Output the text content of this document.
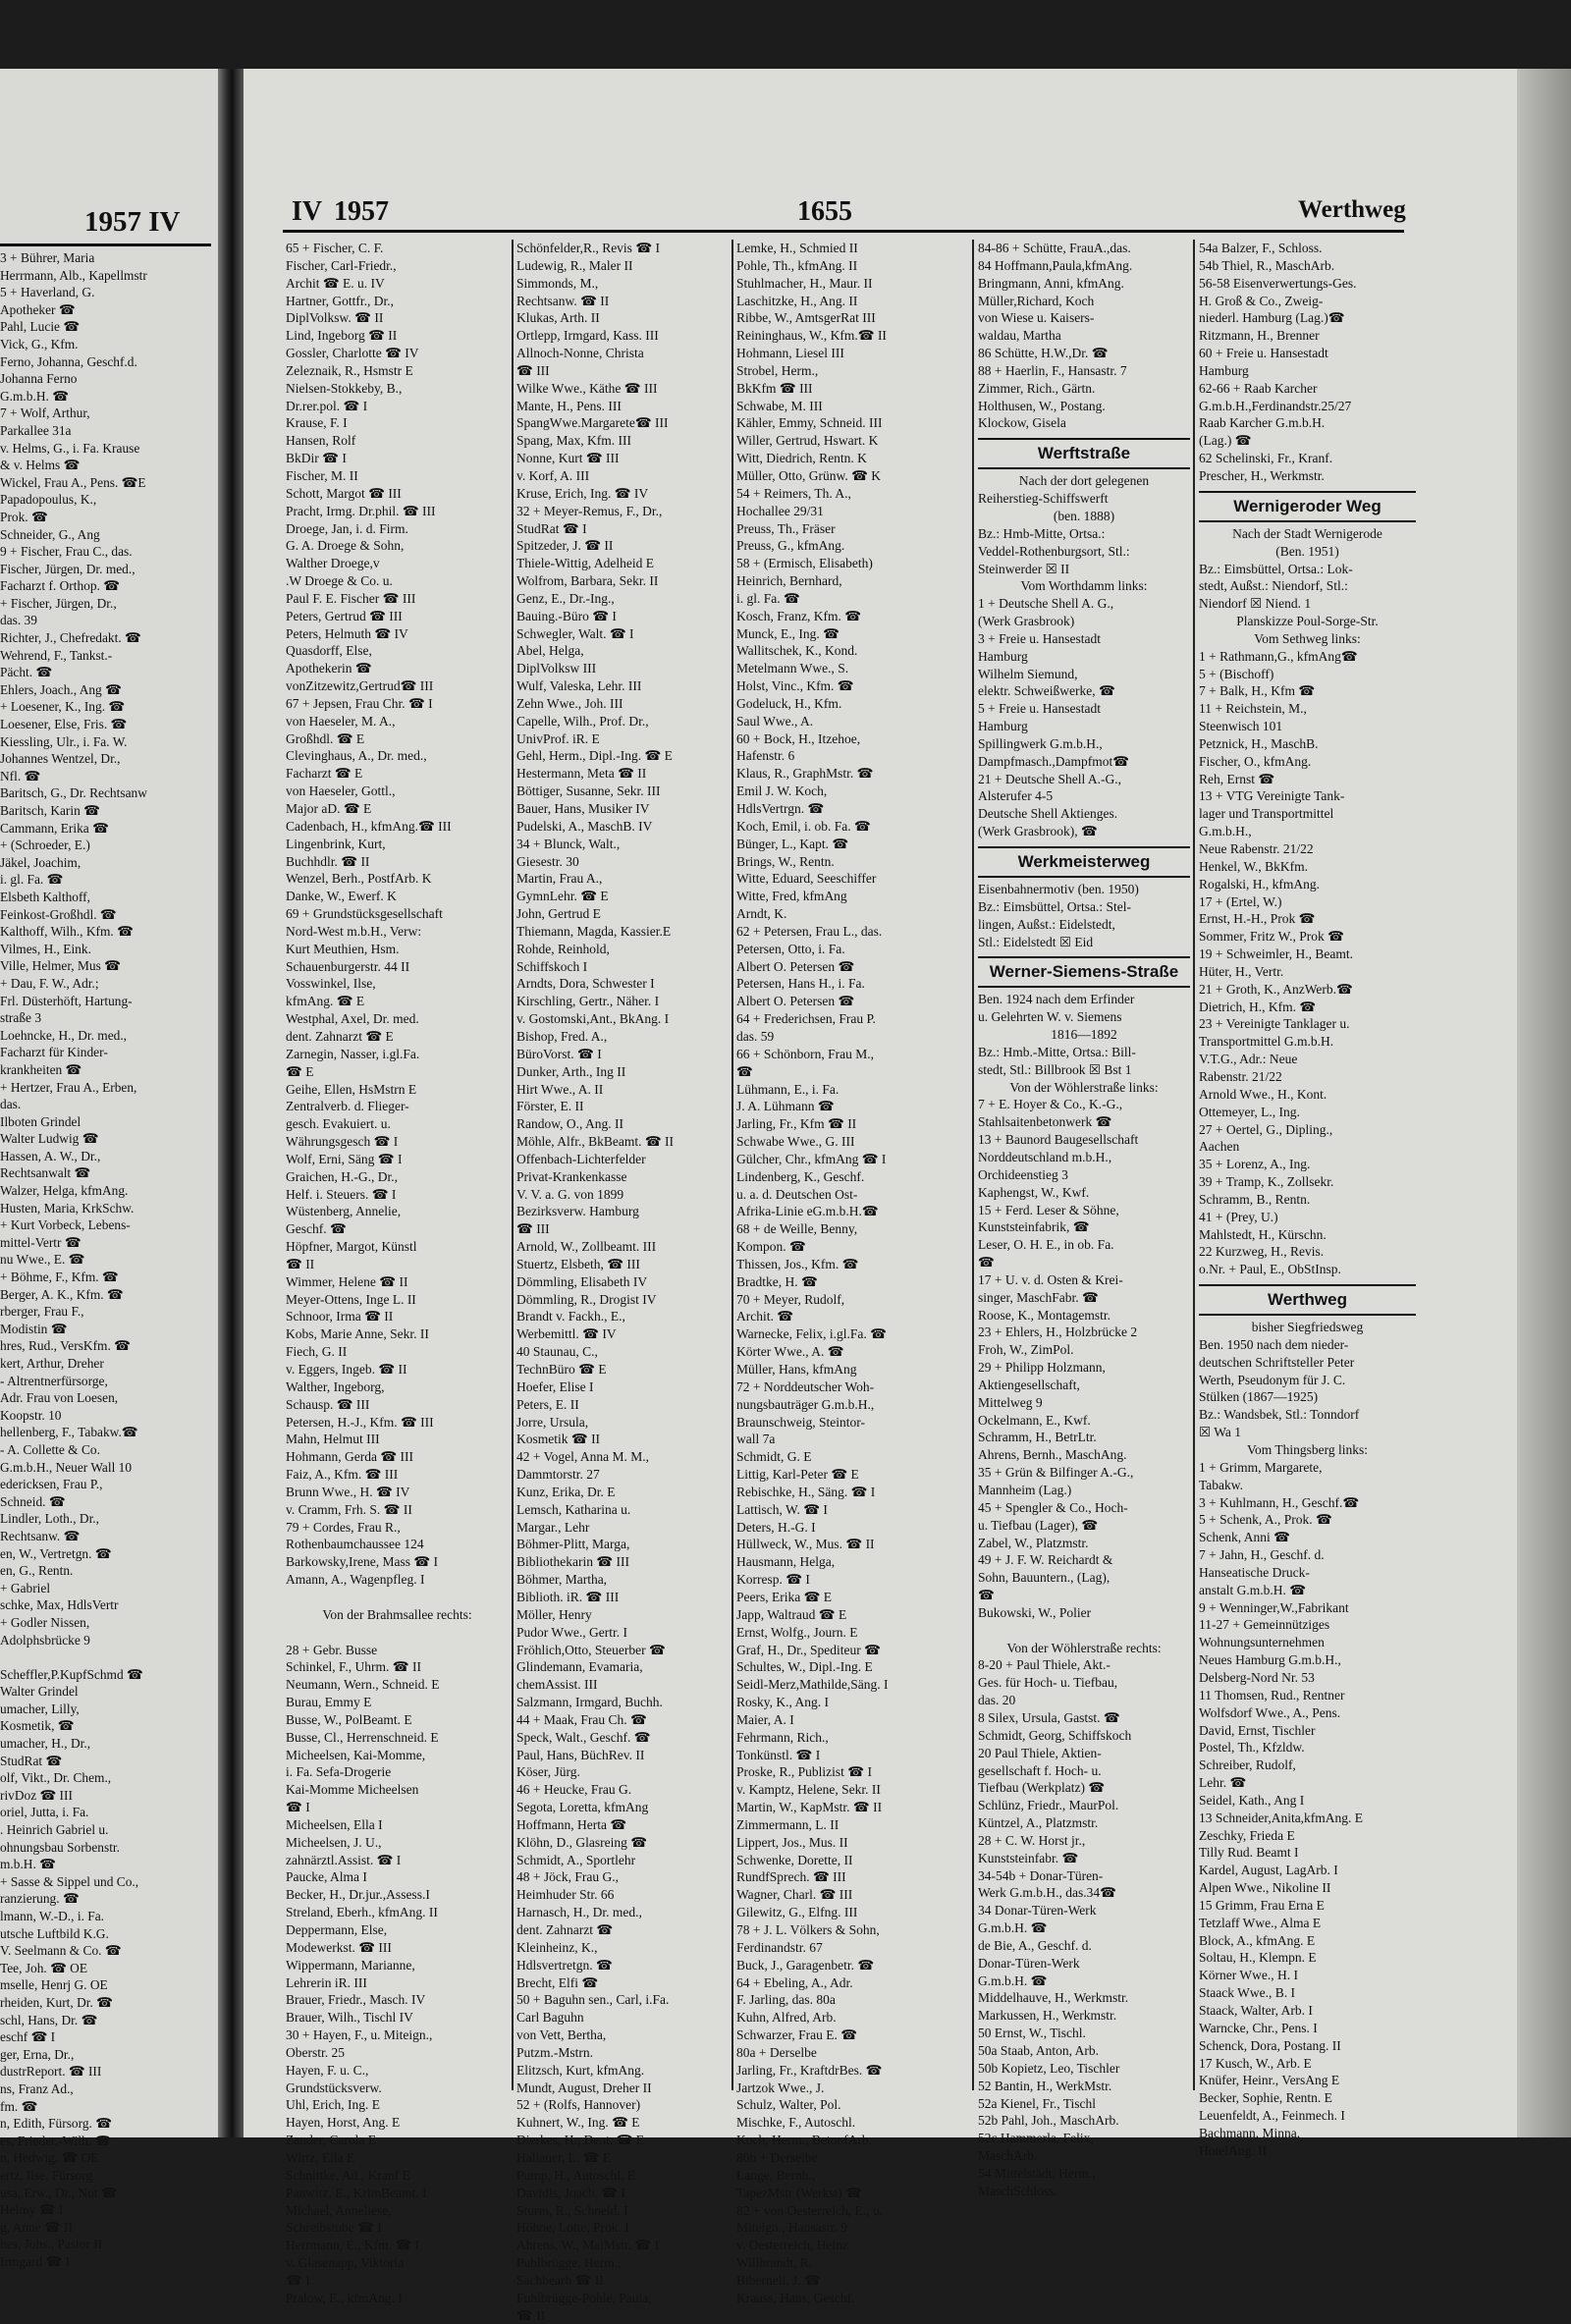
1957 IV
3 + Bührer, Maria
Herrmann, Alb., Kapellmstr
5 + Haverland, G.
Apotheker ☎
Pahl, Lucie ☎
Vick, G., Kfm.
Ferno, Johanna, Geschf.d.
Johanna Ferno
G.m.b.H. ☎
7 + Wolf, Arthur,
Parkallee 31a
v. Helms, G., i. Fa. Krause
& v. Helms ☎
Wickel, Frau A., Pens. ☎E
Papadopoulus, K.,
Prok. ☎
Schneider, G., Ang
9 + Fischer, Frau C., das.
Fischer, Jürgen, Dr. med.,
Facharzt f. Orthop. ☎
+ Fischer, Jürgen, Dr.,
das. 39
Richter, J., Chefredakt. ☎
Wehrend, F., Tankst.-
Pächt. ☎
Ehlers, Joach., Ang ☎
+ Loesener, K., Ing. ☎
Loesener, Else, Fris. ☎
Kiessling, Ulr., i. Fa. W.
Johannes Wentzel, Dr.,
Nfl. ☎
Baritsch, G., Dr. Rechtsanw
Baritsch, Karin ☎
Cammann, Erika ☎
+ (Schroeder, E.)
Jäkel, Joachim,
i. gl. Fa. ☎
Elsbeth Kalthoff,
Feinkost-Großhdl. ☎
Kalthoff, Wilh., Kfm. ☎
Vilmes, H., Eink.
Ville, Helmer, Mus ☎
+ Dau, F. W., Adr.;
Frl. Düsterhöft, Hartung-
straße 3
Loehncke, H., Dr. med.,
Facharzt für Kinder-
krankheiten ☎
+ Hertzer, Frau A., Erben,
das.
Ilboten Grindel
Walter Ludwig ☎
Hassen, A. W., Dr.,
Rechtsanwalt ☎
Walzer, Helga, kfmAng.
Husten, Maria, KrkSchw.
+ Kurt Vorbeck, Lebens-
mittel-Vertr ☎
nu Wwe., E. ☎
+ Böhme, F., Kfm. ☎
Berger, A. K., Kfm. ☎
rberger, Frau F.,
Modistin ☎
hres, Rud., VersKfm. ☎
kert, Arthur, Dreher
- Altrentnerfürsorge,
Adr. Frau von Loesen,
Koopstr. 10
hellenberg, F., Tabakw.☎
- A. Collette & Co.
G.m.b.H., Neuer Wall 10
edericksen, Frau P.,
Schneid. ☎
Lindler, Loth., Dr.,
Rechtsanw. ☎
en, W., Vertretgn. ☎
en, G., Rentn.
+ Gabriel
schke, Max, HdlsVertr
+ Godler Nissen,
Adolphsbrücke 9
Scheffler,P.KupfSchmd ☎
Walter Grindel
umacher, Lilly,
Kosmetik, ☎
umacher, H., Dr.,
StudRat ☎
olf, Vikt., Dr. Chem.,
rivDoz ☎ III
oriel, Jutta, i. Fa.
. Heinrich Gabriel u.
ohnungsbau Sorbenstr.
m.b.H. ☎
+ Sasse & Sippel und Co.,
ranzierung. ☎
lmann, W.-D., i. Fa.
utsche Luftbild K.G.
V. Seelmann & Co. ☎
Tee, Joh. ☎ OE
mselle, Henrj G. OE
rheiden, Kurt, Dr. ☎
schl, Hans, Dr. ☎
eschf ☎ I
ger, Erna, Dr.,
dustrReport. ☎ III
ns, Franz Ad.,
fm. ☎
n, Edith, Fürsorg. ☎
es, Frieder.-Wilh. ☎
n, Hedwig. ☎ OE
ertz, Ilse, Fürsorg
usa, Erw., Dr., Not ☎
Helmy ☎ I
g, Anne ☎ II
hes, Johs., Pastor II
Irmgard ☎ I
IV 1957	1655	Werthweg
65 + Fischer, C. F.
Fischer, Carl-Friedr.,
Archit ☎ E. u. IV
Hartner, Gottfr., Dr.,
DiplVolksw. ☎ II
Lind, Ingeborg ☎ II
Gossler, Charlotte ☎ IV
Zeleznaik, R., Hsmstr E
Nielsen-Stokkeby, B.,
Dr.rer.pol. ☎ I
Krause, F. I
Hansen, Rolf
BkDir ☎ I
Fischer, M. II
Schott, Margot ☎ III
Pracht, Irmg. Dr.phil. ☎ III
Droege, Jan, i. d. Firm.
G. A. Droege & Sohn,
Walther Droege,v
.W Droege & Co. u.
Paul F. E. Fischer ☎ III
Peters, Gertrud ☎ III
Peters, Helmuth ☎ IV
Quasdorff, Else,
Apothekerin ☎
vonZitzewitz,Gertrud☎ III
67 + Jepsen, Frau Chr. ☎ I
von Haeseler, M. A.,
Großhdl. ☎ E
Clevinghaus, A., Dr. med.,
Facharzt ☎ E
von Haeseler, Gottl.,
Major aD. ☎ E
Cadenbach, H., kfmAng.☎ III
Lingenbrink, Kurt,
Buchhdlr. ☎ II
Wenzel, Berh., PostfArb. K
Danke, W., Ewerf. K
69 + Grundstücksgesellschaft
Nord-West m.b.H., Verw:
Kurt Meuthien, Hsm.
Schauenburgerstr. 44 II
Vosswinkel, Ilse,
kfmAng. ☎ E
Westphal, Axel, Dr. med.
dent. Zahnarzt ☎ E
Zarnegin, Nasser, i.gl.Fa.
☎ E
Geihe, Ellen, HsMstrn E
Zentralverb. d. Flieger-
gesch. Evakuiert. u.
Währungsgesch ☎ I
Wolf, Erni, Säng ☎ I
Graichen, H.-G., Dr.,
Helf. i. Steuers. ☎ I
Wüstenberg, Annelie,
Geschf. ☎
Höpfner, Margot, Künstl
☎ II
Wimmer, Helene ☎ II
Meyer-Ottens, Inge L. II
Schnoor, Irma ☎ II
Kobs, Marie Anne, Sekr. II
Fiech, G. II
v. Eggers, Ingeb. ☎ II
Walther, Ingeborg,
Schausp. ☎ III
Petersen, H.-J., Kfm. ☎ III
Mahn, Helmut III
Hohmann, Gerda ☎ III
Faiz, A., Kfm. ☎ III
Brunn Wwe., H. ☎ IV
v. Cramm, Frh. S. ☎ II
79 + Cordes, Frau R.,
Rothenbaumchaussee 124
Barkowsky,Irene, Mass ☎ I
Amann, A., Wagenpfleg. I
Von der Brahmsallee rechts:
28 + Gebr. Busse
Schinkel, F., Uhrm. ☎ II
Neumann, Wern., Schneid. E
Burau, Emmy E
Busse, W., PolBeamt. E
Busse, Cl., Herrenschneid. E
Micheelsen, Kai-Momme,
i. Fa. Sefa-Drogerie
Kai-Momme Micheelsen
☎ I
Micheelsen, Ella I
Micheelsen, J. U.,
zahnärztl.Assist. ☎ I
Paucke, Alma I
Becker, H., Dr.jur.,Assess.I
Streland, Eberh., kfmAng. II
Deppermann, Else,
Modewerkst. ☎ III
Wippermann, Marianne,
Lehrerin iR. III
Brauer, Friedr., Masch. IV
Brauer, Wilh., Tischl IV
30 + Hayen, F., u. Miteign.,
Oberstr. 25
Hayen, F. u. C.,
Grundstücksverw.
Uhl, Erich, Ing. E
Hayen, Horst, Ang. E
Zander, Carola E
Wirtz, Ella E
Schnittke, Ad., Kranf E
Panwitz, E., KrimBeamt. I
Michael, Anneliese,
Schreibstube ☎ I
Herrmann, E., Kfm. ☎ I
v. Glasenapp, Viktoria
☎ I
Pralow, E., kfmAng. I
Schönfelder,R., Revis ☎ I
Ludewig, R., Maler II
Simmonds, M.,
Rechtsanw. ☎ II
Klukas, Arth. II
Ortlepp, Irmgard, Kass. III
Allnoch-Nonne, Christa
☎ III
Wilke Wwe., Käthe ☎ III
Mante, H., Pens. III
SpangWwe.Margarete☎ III
Spang, Max, Kfm. III
Nonne, Kurt ☎ III
v. Korf, A. III
Kruse, Erich, Ing. ☎ IV
32 + Meyer-Remus, F., Dr.,
StudRat ☎ I
Spitzeder, J. ☎ II
Thiele-Wittig, Adelheid E
Wolfrom, Barbara, Sekr. II
Genz, E., Dr.-Ing.,
Bauing.-Büro ☎ I
Schwegler, Walt. ☎ I
Abel, Helga,
DiplVolksw III
Wulf, Valeska, Lehr. III
Zehn Wwe., Joh. III
Capelle, Wilh., Prof. Dr.,
UnivProf. iR. E
Gehl, Herm., Dipl.-Ing. ☎ E
Hestermann, Meta ☎ II
Böttiger, Susanne, Sekr. III
Bauer, Hans, Musiker IV
Pudelski, A., MaschB. IV
34 + Blunck, Walt.,
Giesestr. 30
Martin, Frau A.,
GymnLehr. ☎ E
John, Gertrud E
Thiemann, Magda, Kassier.E
Rohde, Reinhold,
Schiffskoch I
Arndts, Dora, Schwester I
Kirschling, Gertr., Näher. I
v. Gostomski,Ant., BkAng. I
Bishop, Fred. A.,
BüroVorst. ☎ I
Dunker, Arth., Ing II
Hirt Wwe., A. II
Förster, E. II
Randow, O., Ang. II
Möhle, Alfr., BkBeamt. ☎ II
Offenbach-Lichterfelder
Privat-Krankenkasse
V. V. a. G. von 1899
Bezirksverw. Hamburg
☎ III
Arnold, W., Zollbeamt. III
Stuertz, Elsbeth, ☎ III
Dömmling, Elisabeth IV
Dömmling, R., Drogist IV
Brandt v. Fackh., E.,
Werbemittl. ☎ IV
40 Staunau, C.,
TechnBüro ☎ E
Hoefer, Elise I
Peters, E. II
Jorre, Ursula,
Kosmetik ☎ II
42 + Vogel, Anna M. M.,
Dammtorstr. 27
Kunz, Erika, Dr. E
Lemsch, Katharina u.
Margar., Lehr
Böhmer-Plitt, Marga,
Bibliothekarin ☎ III
Böhmer, Martha,
Biblioth. iR. ☎ III
Möller, Henry
Pudor Wwe., Gertr. I
Fröhlich,Otto, Steuerber ☎
Glindemann, Evamaria,
chemAssist. III
Salzmann, Irmgard, Buchh.
44 + Maak, Frau Ch. ☎
Speck, Walt., Geschf. ☎
Paul, Hans, BüchRev. II
Köser, Jürg.
46 + Heucke, Frau G.
Segota, Loretta, kfmAng
Hoffmann, Herta ☎
Klöhn, D., Glasreing ☎
Schmidt, A., Sportlehr
48 + Jöck, Frau G.,
Heimhuder Str. 66
Harnasch, H., Dr. med.,
dent. Zahnarzt ☎
Kleinheinz, K.,
Hdlsvertretgn. ☎
Brecht, Elfi ☎
50 + Baguhn sen., Carl, i.Fa.
Carl Baguhn
von Vett, Bertha,
Putzm.-Mstrn.
Elitzsch, Kurt, kfmAng.
Mundt, August, Dreher II
52 + (Rolfs, Hannover)
Kuhnert, W., Ing. ☎ E
Dierkes, H., Dent. ☎ E
Hallauer, L. ☎ E
Pump, H., Autoschl. E
Davidis, Joach. ☎ I
Sturm, R., Schneid. I
Höhne, Lotte, Prok. I
Ahrens, W., MalMstr. ☎ I
Puhlbrügge, Herm.,
Sachbearb ☎ II
Fuhlbrügge-Pohle, Paula,
☎ II
Lemke, H., Schmied II
Pohle, Th., kfmAng. II
Stuhlmacher, H., Maur. II
Laschitzke, H., Ang. II
Ribbe, W., AmtsgerRat III
Reininghaus, W., Kfm.☎ II
Hohmann, Liesel III
Strobel, Herm.,
BkKfm ☎ III
Schwabe, M. III
Kähler, Emmy, Schneid. III
Willer, Gertrud, Hswart. K
Witt, Diedrich, Rentn. K
Müller, Otto, Grünw. ☎ K
54 + Reimers, Th. A.,
Hochallee 29/31
Preuss, Th., Fräser
Preuss, G., kfmAng.
58 + (Ermisch, Elisabeth)
Heinrich, Bernhard,
i. gl. Fa. ☎
Kosch, Franz, Kfm. ☎
Munck, E., Ing. ☎
Wallitschek, K., Kond.
Metelmann Wwe., S.
Holst, Vinc., Kfm. ☎
Godeluck, H., Kfm.
Saul Wwe., A.
60 + Bock, H., Itzehoe,
Hafenstr. 6
Klaus, R., GraphMstr. ☎
Emil J. W. Koch,
HdlsVertrgn. ☎
Koch, Emil, i. ob. Fa. ☎
Bünger, L., Kapt. ☎
Brings, W., Rentn.
Witte, Eduard, Seeschiffer
Witte, Fred, kfmAng
Arndt, K.
62 + Petersen, Frau L., das.
Petersen, Otto, i. Fa.
Albert O. Petersen ☎
Petersen, Hans H., i. Fa.
Albert O. Petersen ☎
64 + Frederichsen, Frau P.
das. 59
66 + Schönborn, Frau M.,
☎
Lühmann, E., i. Fa.
J. A. Lühmann ☎
Jarling, Fr., Kfm ☎ II
Schwabe Wwe., G. III
Gülcher, Chr., kfmAng ☎ I
Lindenberg, K., Geschf.
u. a. d. Deutschen Ost-
Afrika-Linie eG.m.b.H.☎
68 + de Weille, Benny,
Kompon. ☎
Thissen, Jos., Kfm. ☎
Bradtke, H. ☎
70 + Meyer, Rudolf,
Archit. ☎
Warnecke, Felix, i.gl.Fa. ☎
Körter Wwe., A. ☎
Müller, Hans, kfmAng
72 + Norddeutscher Woh-
nungsbauträger G.m.b.H.,
Braunschweig, Steintor-
wall 7a
Schmidt, G. E
Littig, Karl-Peter ☎ E
Rebischke, H., Säng. ☎ I
Lattisch, W. ☎ I
Deters, H.-G. I
Hüllweck, W., Mus. ☎ II
Hausmann, Helga,
Korresp. ☎ I
Peers, Erika ☎ E
Japp, Waltraud ☎ E
Ernst, Wolfg., Journ. E
Graf, H., Dr., Spediteur ☎
Schultes, W., Dipl.-Ing. E
Seidl-Merz,Mathilde,Säng. I
Rosky, K., Ang. I
Maier, A. I
Fehrmann, Rich.,
Tonkünstl. ☎ I
Proske, R., Publizist ☎ I
v. Kamptz, Helene, Sekr. II
Martin, W., KapMstr. ☎ II
Zimmermann, L. II
Lippert, Jos., Mus. II
Schwenke, Dorette, II
RundfSprech. ☎ III
Wagner, Charl. ☎ III
Gilewitz, G., Elfng. III
78 + J. L. Völkers & Sohn,
Ferdinandstr. 67
Buck, J., Garagenbetr. ☎
64 + Ebeling, A., Adr.
F. Jarling, das. 80a
Kuhn, Alfred, Arb.
Schwarzer, Frau E. ☎
80a + Derselbe
Jarling, Fr., KraftdrBes. ☎
Jartzok Wwe., J.
Schulz, Walter, Pol.
Mischke, F., Autoschl.
Koch, Herm., BetonfArb.
80b + Derselbe
Lange, Bernh.,
TapezMstr (Werkst) ☎
82 + von Oesterreich, E., u.
Miteign., Hansastr. 9
v. Oesterreich, Heinz
Willbrandt, R.
Bibernell, J. ☎
Krauss, Hans, Geschf.
84-86 + Schütte, FrauA.,das.
84 Hoffmann,Paula,kfmAng.
Bringmann, Anni, kfmAng.
Müller,Richard, Koch
von Wiese u. Kaisers-
waldau, Martha
86 Schütte, H.W.,Dr. ☎
88 + Haerlin, F., Hansastr. 7
Zimmer, Rich., Gärtn.
Holthusen, W., Postang.
Klockow, Gisela
Werftstraße
Nach der dort gelegenen
Reiherstieg-Schiffswerft
(ben. 1888)
Bz.: Hmb-Mitte, Ortsa.:
Veddel-Rothenburgsort, Stl.:
Steinwerder ☒ II
Vom Worthdamm links:
1 + Deutsche Shell A. G.,
(Werk Grasbrook)
3 + Freie u. Hansestadt
Hamburg
Wilhelm Siemund,
elektr. Schweißwerke, ☎
5 + Freie u. Hansestadt
Hamburg
Spillingwerk G.m.b.H.,
Dampfmasch.,Dampfmot☎
21 + Deutsche Shell A.-G.,
Alsterufer 4-5
Deutsche Shell Aktienges.
(Werk Grasbrook), ☎
Werkmeisterweg
Eisenbahnermotiv (ben. 1950)
Bz.: Eimsbüttel, Ortsa.: Stel-
lingen, Außst.: Eidelstedt,
Stl.: Eidelstedt ☒ Eid
Werner-Siemens-Straße
Ben. 1924 nach dem Erfinder
u. Gelehrten W. v. Siemens
1816—1892
Bz.: Hmb.-Mitte, Ortsa.: Bill-
stedt, Stl.: Billbrook ☒ Bst 1
Von der Wöhlerstraße links:
7 + E. Hoyer & Co., K.-G.,
Stahlsaitenbetonwerk ☎
13 + Baunord Baugesellschaft
Norddeutschland m.b.H.,
Orchideenstieg 3
Kaphengst, W., Kwf.
15 + Ferd. Leser & Söhne,
Kunststeinfabrik, ☎
Leser, O. H. E., in ob. Fa.
☎
17 + U. v. d. Osten & Krei-
singer, MaschFabr. ☎
Roose, K., Montagemstr.
23 + Ehlers, H., Holzbrücke 2
Froh, W., ZimPol.
29 + Philipp Holzmann,
Aktiengesellschaft,
Mittelweg 9
Ockelmann, E., Kwf.
Schramm, H., BetrLtr.
Ahrens, Bernh., MaschAng.
35 + Grün & Bilfinger A.-G.,
Mannheim (Lag.)
45 + Spengler & Co., Hoch-
u. Tiefbau (Lager), ☎
Zabel, W., Platzmstr.
49 + J. F. W. Reichardt &
Sohn, Bauuntern., (Lag),
☎
Bukowski, W., Polier
Von der Wöhlerstraße rechts:
8-20 + Paul Thiele, Akt.-
Ges. für Hoch- u. Tiefbau,
das. 20
8 Silex, Ursula, Gastst. ☎
Schmidt, Georg, Schiffskoch
20 Paul Thiele, Aktien-
gesellschaft f. Hoch- u.
Tiefbau (Werkplatz) ☎
Schlünz, Friedr., MaurPol.
Küntzel, A., Platzmstr.
28 + C. W. Horst jr.,
Kunststeinfabr. ☎
34-54b + Donar-Türen-
Werk G.m.b.H., das.34☎
34 Donar-Türen-Werk
G.m.b.H. ☎
de Bie, A., Geschf. d.
Donar-Türen-Werk
G.m.b.H. ☎
Middelhauve, H., Werkmstr.
Markussen, H., Werkmstr.
50 Ernst, W., Tischl.
50a Staab, Anton, Arb.
50b Kopietz, Leo, Tischler
52 Bantin, H., WerkMstr.
52a Kienel, Fr., Tischl
52b Pahl, Joh., MaschArb.
52c Hammerla, Felix,
MaschArb.
54 Mittelstädt, Herm.,
MaschSchloss.
54a Balzer, F., Schloss.
54b Thiel, R., MaschArb.
56-58 Eisenverwertungs-Ges.
H. Groß & Co., Zweig-
niederl. Hamburg (Lag.)☎
Ritzmann, H., Brenner
60 + Freie u. Hansestadt
Hamburg
62-66 + Raab Karcher
G.m.b.H.,Ferdinandstr.25/27
Raab Karcher G.m.b.H.
(Lag.) ☎
62 Schelinski, Fr., Kranf.
Prescher, H., Werkmstr.
Wernigeroder Weg
Nach der Stadt Wernigerode
(Ben. 1951)
Bz.: Eimsbüttel, Ortsa.: Lok-
stedt, Außst.: Niendorf, Stl.:
Niendorf ☒ Niend. 1
Planskizze Poul-Sorge-Str.
Vom Sethweg links:
1 + Rathmann,G., kfmAng☎
5 + (Bischoff)
7 + Balk, H., Kfm ☎
11 + Reichstein, M.,
Steenwisch 101
Petznick, H., MaschB.
Fischer, O., kfmAng.
Reh, Ernst ☎
13 + VTG Vereinigte Tank-
lager und Transportmittel
G.m.b.H.,
Neue Rabenstr. 21/22
Henkel, W., BkKfm.
Rogalski, H., kfmAng.
17 + (Ertel, W.)
Ernst, H.-H., Prok ☎
Sommer, Fritz W., Prok ☎
19 + Schweimler, H., Beamt.
Hüter, H., Vertr.
21 + Groth, K., AnzWerb.☎
Dietrich, H., Kfm. ☎
23 + Vereinigte Tanklager u.
Transportmittel G.m.b.H.
V.T.G., Adr.: Neue
Rabenstr. 21/22
Arnold Wwe., H., Kont.
Ottemeyer, L., Ing.
27 + Oertel, G., Dipling.,
Aachen
35 + Lorenz, A., Ing.
39 + Tramp, K., Zollsekr.
Schramm, B., Rentn.
41 + (Prey, U.)
Mahlstedt, H., Kürschn.
22 Kurzweg, H., Revis.
o.Nr. + Paul, E., ObStInsp.
Werthweg
bisher Siegfriedsweg
Ben. 1950 nach dem nieder-
deutschen Schriftsteller Peter
Werth, Pseudonym für J. C.
Stülken (1867—1925)
Bz.: Wandsbek, Stl.: Tonndorf
☒ Wa 1
Vom Thingsberg links:
1 + Grimm, Margarete,
Tabakw.
3 + Kuhlmann, H., Geschf.☎
5 + Schenk, A., Prok. ☎
Schenk, Anni ☎
7 + Jahn, H., Geschf. d.
Hanseatische Druck-
anstalt G.m.b.H. ☎
9 + Wenninger,W.,Fabrikant
11-27 + Gemeinnütziges
Wohnungsunternehmen
Neues Hamburg G.m.b.H.,
Delsberg-Nord Nr. 53
11 Thomsen, Rud., Rentner
Wolfsdorf Wwe., A., Pens.
David, Ernst, Tischler
Postel, Th., Kfzldw.
Schreiber, Rudolf,
Lehr. ☎
Seidel, Kath., Ang I
13 Schneider,Anita,kfmAng. E
Zeschky, Frieda E
Tilly Rud. Beamt I
Kardel, August, LagArb. I
Alpen Wwe., Nikoline II
15 Grimm, Frau Erna E
Tetzlaff Wwe., Alma E
Block, A., kfmAng. E
Soltau, H., Klempn. E
Körner Wwe., H. I
Staack Wwe., B. I
Staack, Walter, Arb. I
Warncke, Chr., Pens. I
Schenck, Dora, Postang. II
17 Kusch, W., Arb. E
Knüfer, Heinr., VersAng E
Becker, Sophie, Rentn. E
Leuenfeldt, A., Feinmech. I
Bachmann, Minna,
HotelAng. II
